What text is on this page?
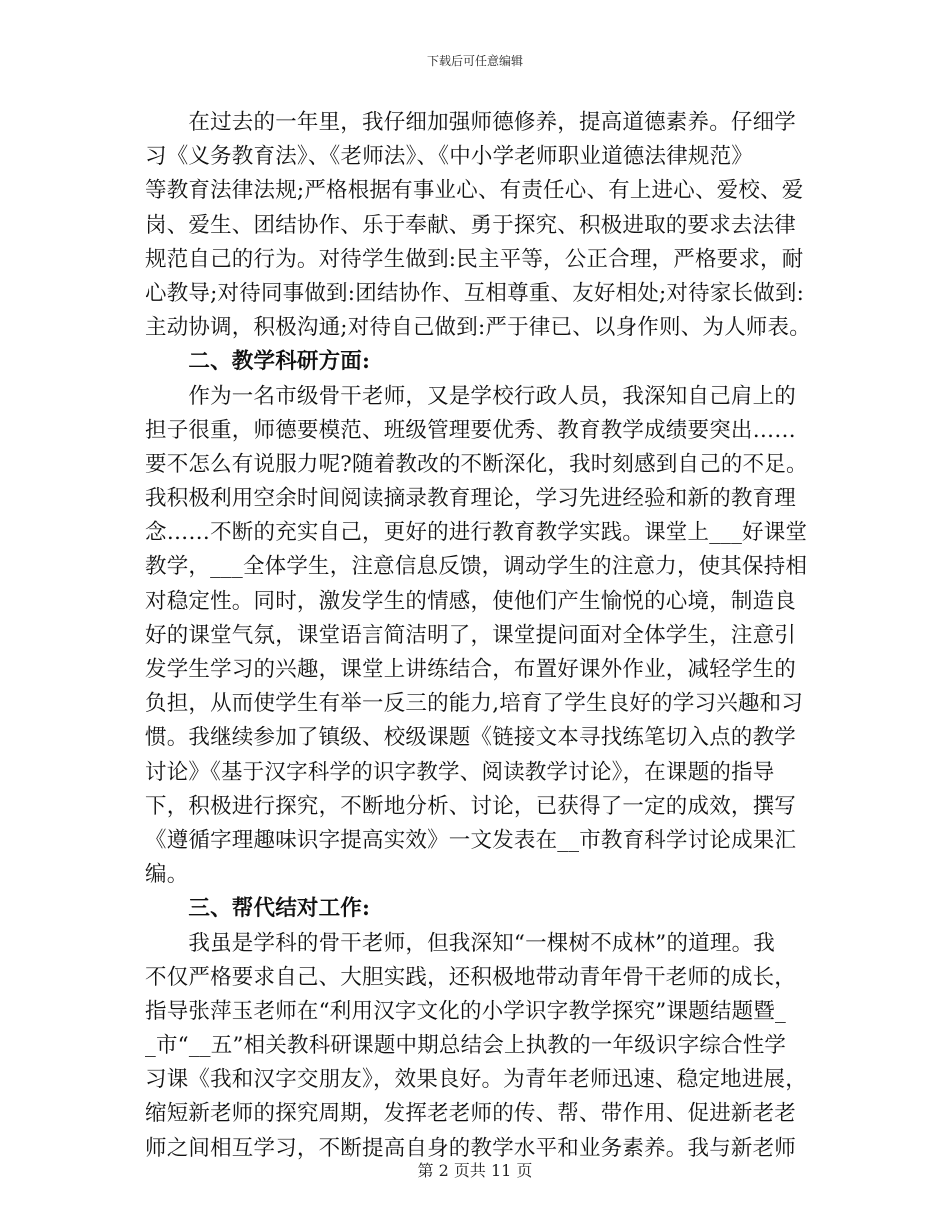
下载后可任意编辑
　　在过去的一年里，我仔细加强师德修养，提高道德素养。仔细学
习《义务教育法》、《老师法》、《中小学老师职业道德法律规范》
等教育法律法规;严格根据有事业心、有责任心、有上进心、爱校、爱
岗、爱生、团结协作、乐于奉献、勇于探究、积极进取的要求去法律
规范自己的行为。对待学生做到:民主平等，公正合理，严格要求，耐
心教导;对待同事做到:团结协作、互相尊重、友好相处;对待家长做到:
主动协调，积极沟通;对待自己做到:严于律已、以身作则、为人师表。
　　二、教学科研方面:
　　作为一名市级骨干老师，又是学校行政人员，我深知自己肩上的
担子很重，师德要模范、班级管理要优秀、教育教学成绩要突出……
要不怎么有说服力呢?随着教改的不断深化，我时刻感到自己的不足。
我积极利用空余时间阅读摘录教育理论，学习先进经验和新的教育理
念……不断的充实自己，更好的进行教育教学实践。课堂上___好课堂
教学，___全体学生，注意信息反馈，调动学生的注意力，使其保持相
对稳定性。同时，激发学生的情感，使他们产生愉悦的心境，制造良
好的课堂气氛，课堂语言简洁明了，课堂提问面对全体学生，注意引
发学生学习的兴趣，课堂上讲练结合，布置好课外作业，减轻学生的
负担，从而使学生有举一反三的能力,培育了学生良好的学习兴趣和习
惯。我继续参加了镇级、校级课题《链接文本寻找练笔切入点的教学
讨论》《基于汉字科学的识字教学、阅读教学讨论》，在课题的指导
下，积极进行探究，不断地分析、讨论，已获得了一定的成效，撰写
《遵循字理趣味识字提高实效》一文发表在__市教育科学讨论成果汇
编。
　　三、帮代结对工作:
　　我虽是学科的骨干老师，但我深知“一棵树不成林”的道理。我
不仅严格要求自己、大胆实践，还积极地带动青年骨干老师的成长，
指导张萍玉老师在“利用汉字文化的小学识字教学探究”课题结题暨_
_市“__五”相关教科研课题中期总结会上执教的一年级识字综合性学
习课《我和汉字交朋友》，效果良好。为青年老师迅速、稳定地进展，
缩短新老师的探究周期，发挥老老师的传、帮、带作用、促进新老老
师之间相互学习，不断提高自身的教学水平和业务素养。我与新老师
第 2 页共 11 页
